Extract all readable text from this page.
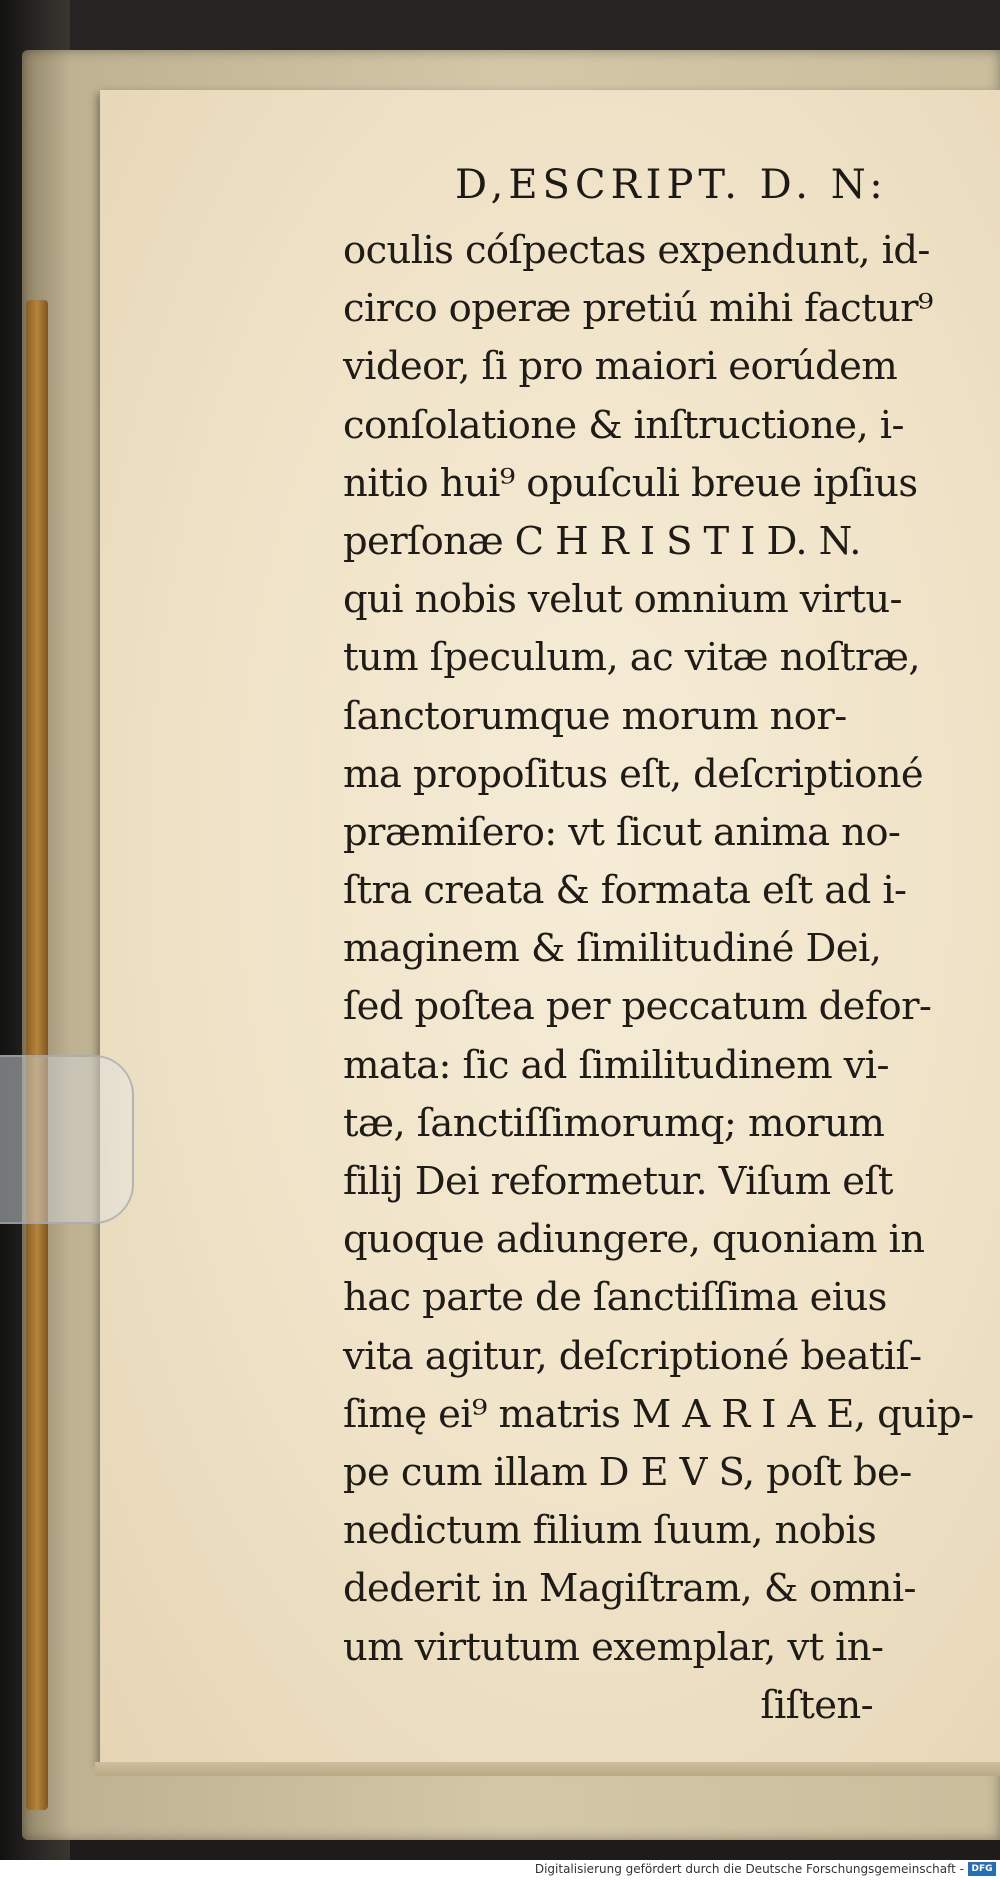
D,ESCRIPT. D. N:
oculis cóſpectas expendunt, id-
circo operæ pretiú mihi factur⁹
videor, ſi pro maiori eorúdem
conſolatione & inſtructione, i-
nitio hui⁹ opuſculi breue ipſius
perſonæ C H R I S T I D. N.
qui nobis velut omnium virtu-
tum ſpeculum, ac vitæ noſtræ,
ſanctorumque morum nor-
ma propoſitus eſt, deſcriptioné
præmiſero: vt ſicut anima no-
ſtra creata & formata eſt ad i-
maginem & ſimilitudiné Dei,
ſed poſtea per peccatum defor-
mata: ſic ad ſimilitudinem vi-
tæ, ſanctiſſimorumq; morum
filij Dei reformetur. Viſum eſt
quoque adiungere, quoniam in
hac parte de ſanctiſſima eius
vita agitur, deſcriptioné beatiſ-
ſimę ei⁹ matris M A R I A E, quip-
pe cum illam D E V S, poſt be-
nedictum filium ſuum, nobis
dederit in Magiſtram, & omni-
um virtutum exemplar, vt in-
ſiſten-
Digitalisierung gefördert durch die Deutsche Forschungsgemeinschaft - DFG
